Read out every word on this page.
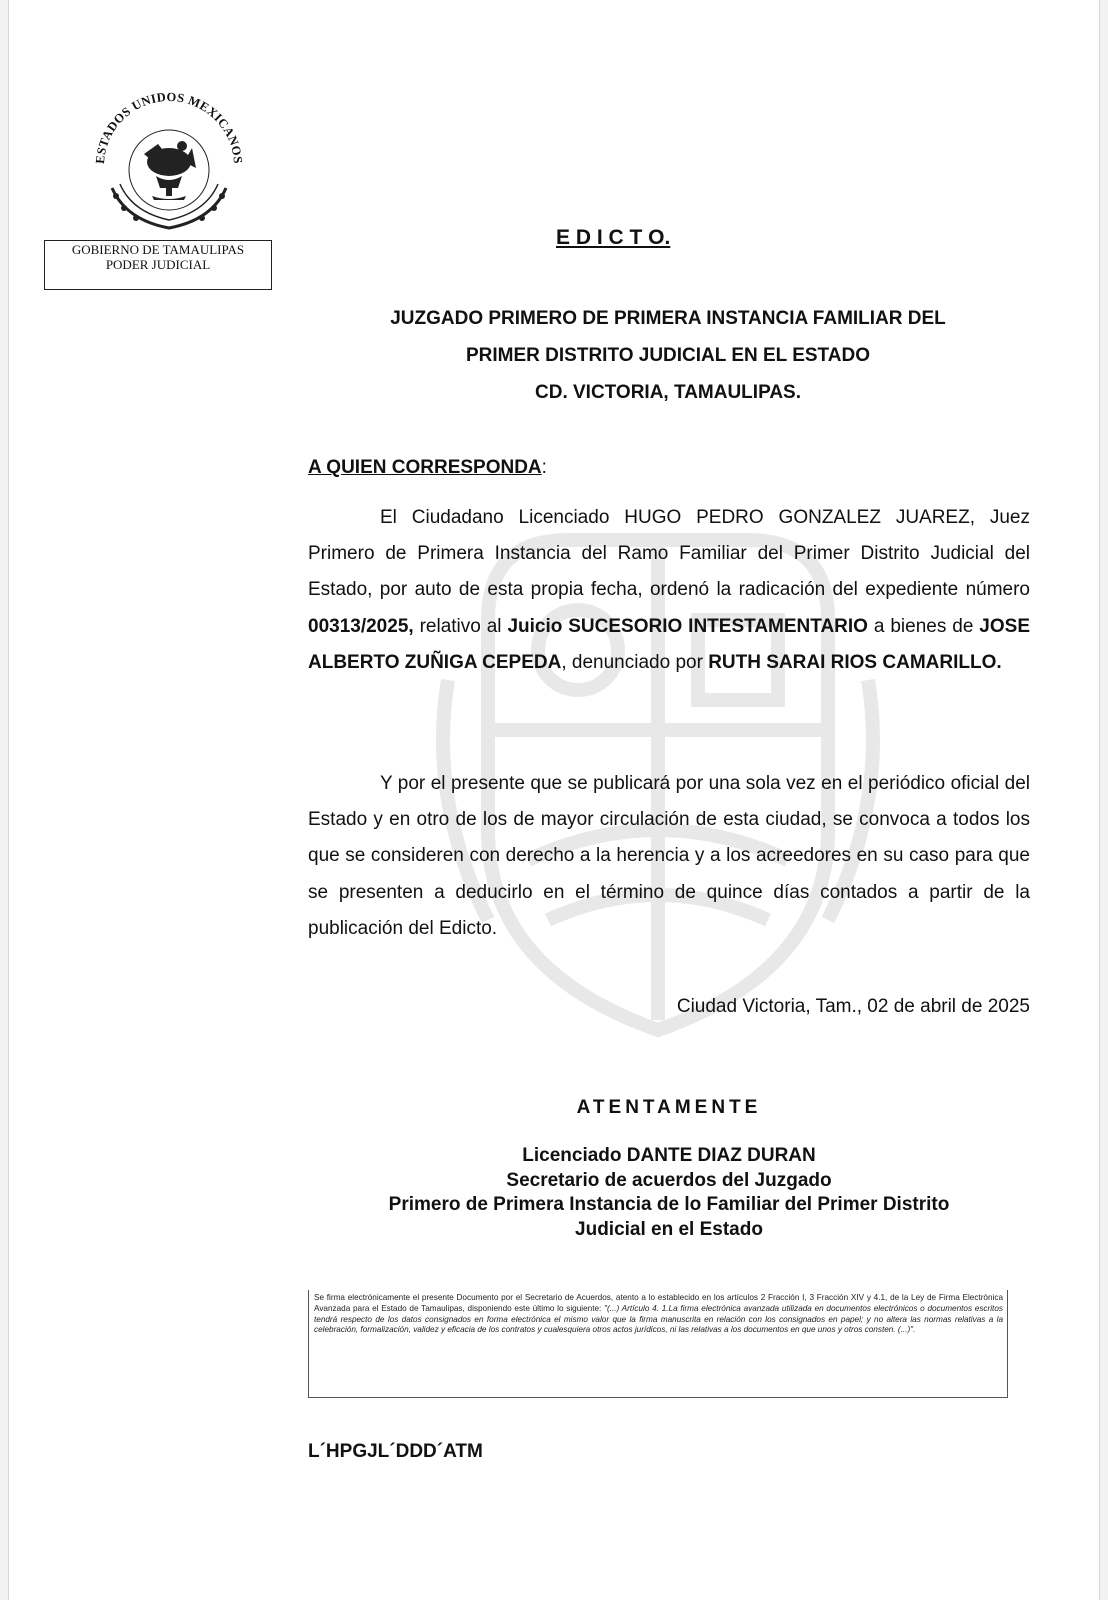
ESTADOS UNIDOS MEXICANOS
GOBIERNO DE TAMAULIPAS
PODER JUDICIAL
E D I C T O.
JUZGADO PRIMERO DE PRIMERA INSTANCIA FAMILIAR DEL
PRIMER DISTRITO JUDICIAL EN EL ESTADO
CD. VICTORIA, TAMAULIPAS.
A QUIEN CORRESPONDA:

El Ciudadano Licenciado HUGO PEDRO GONZALEZ JUAREZ, Juez Primero de Primera Instancia del Ramo Familiar del Primer Distrito Judicial del Estado, por auto de esta propia fecha, ordenó la radicación del expediente número 00313/2025, relativo al Juicio SUCESORIO INTESTAMENTARIO a bienes de JOSE ALBERTO ZUÑIGA CEPEDA, denunciado por RUTH SARAI RIOS CAMARILLO.

Y por el presente que se publicará por una sola vez en el periódico oficial del Estado y en otro de los de mayor circulación de esta ciudad, se convoca a todos los que se consideren con derecho a la herencia y a los acreedores en su caso para que se presenten a deducirlo en el término de quince días contados a partir de la publicación del Edicto.

Ciudad Victoria, Tam., 02 de abril de 2025
ATENTAMENTE
Licenciado DANTE DIAZ DURAN
Secretario de acuerdos del Juzgado
Primero de Primera Instancia de lo Familiar del Primer Distrito
Judicial en el Estado
Se firma electrónicamente el presente Documento por el Secretario de Acuerdos, atento a lo establecido en los artículos 2 Fracción I, 3 Fracción XIV y 4.1, de la Ley de Firma Electrónica Avanzada para el Estado de Tamaulipas, disponiendo este último lo siguiente: "(...) Artículo 4. 1.La firma electrónica avanzada utilizada en documentos electrónicos o documentos escritos tendrá respecto de los datos consignados en forma electrónica el mismo valor que la firma manuscrita en relación con los consignados en papel; y no altera las normas relativas a la celebración, formalización, validez y eficacia de los contratos y cualesquiera otros actos jurídicos, ni las relativas a los documentos en que unos y otros consten. (...)".
L´HPGJL´DDD´ATM
